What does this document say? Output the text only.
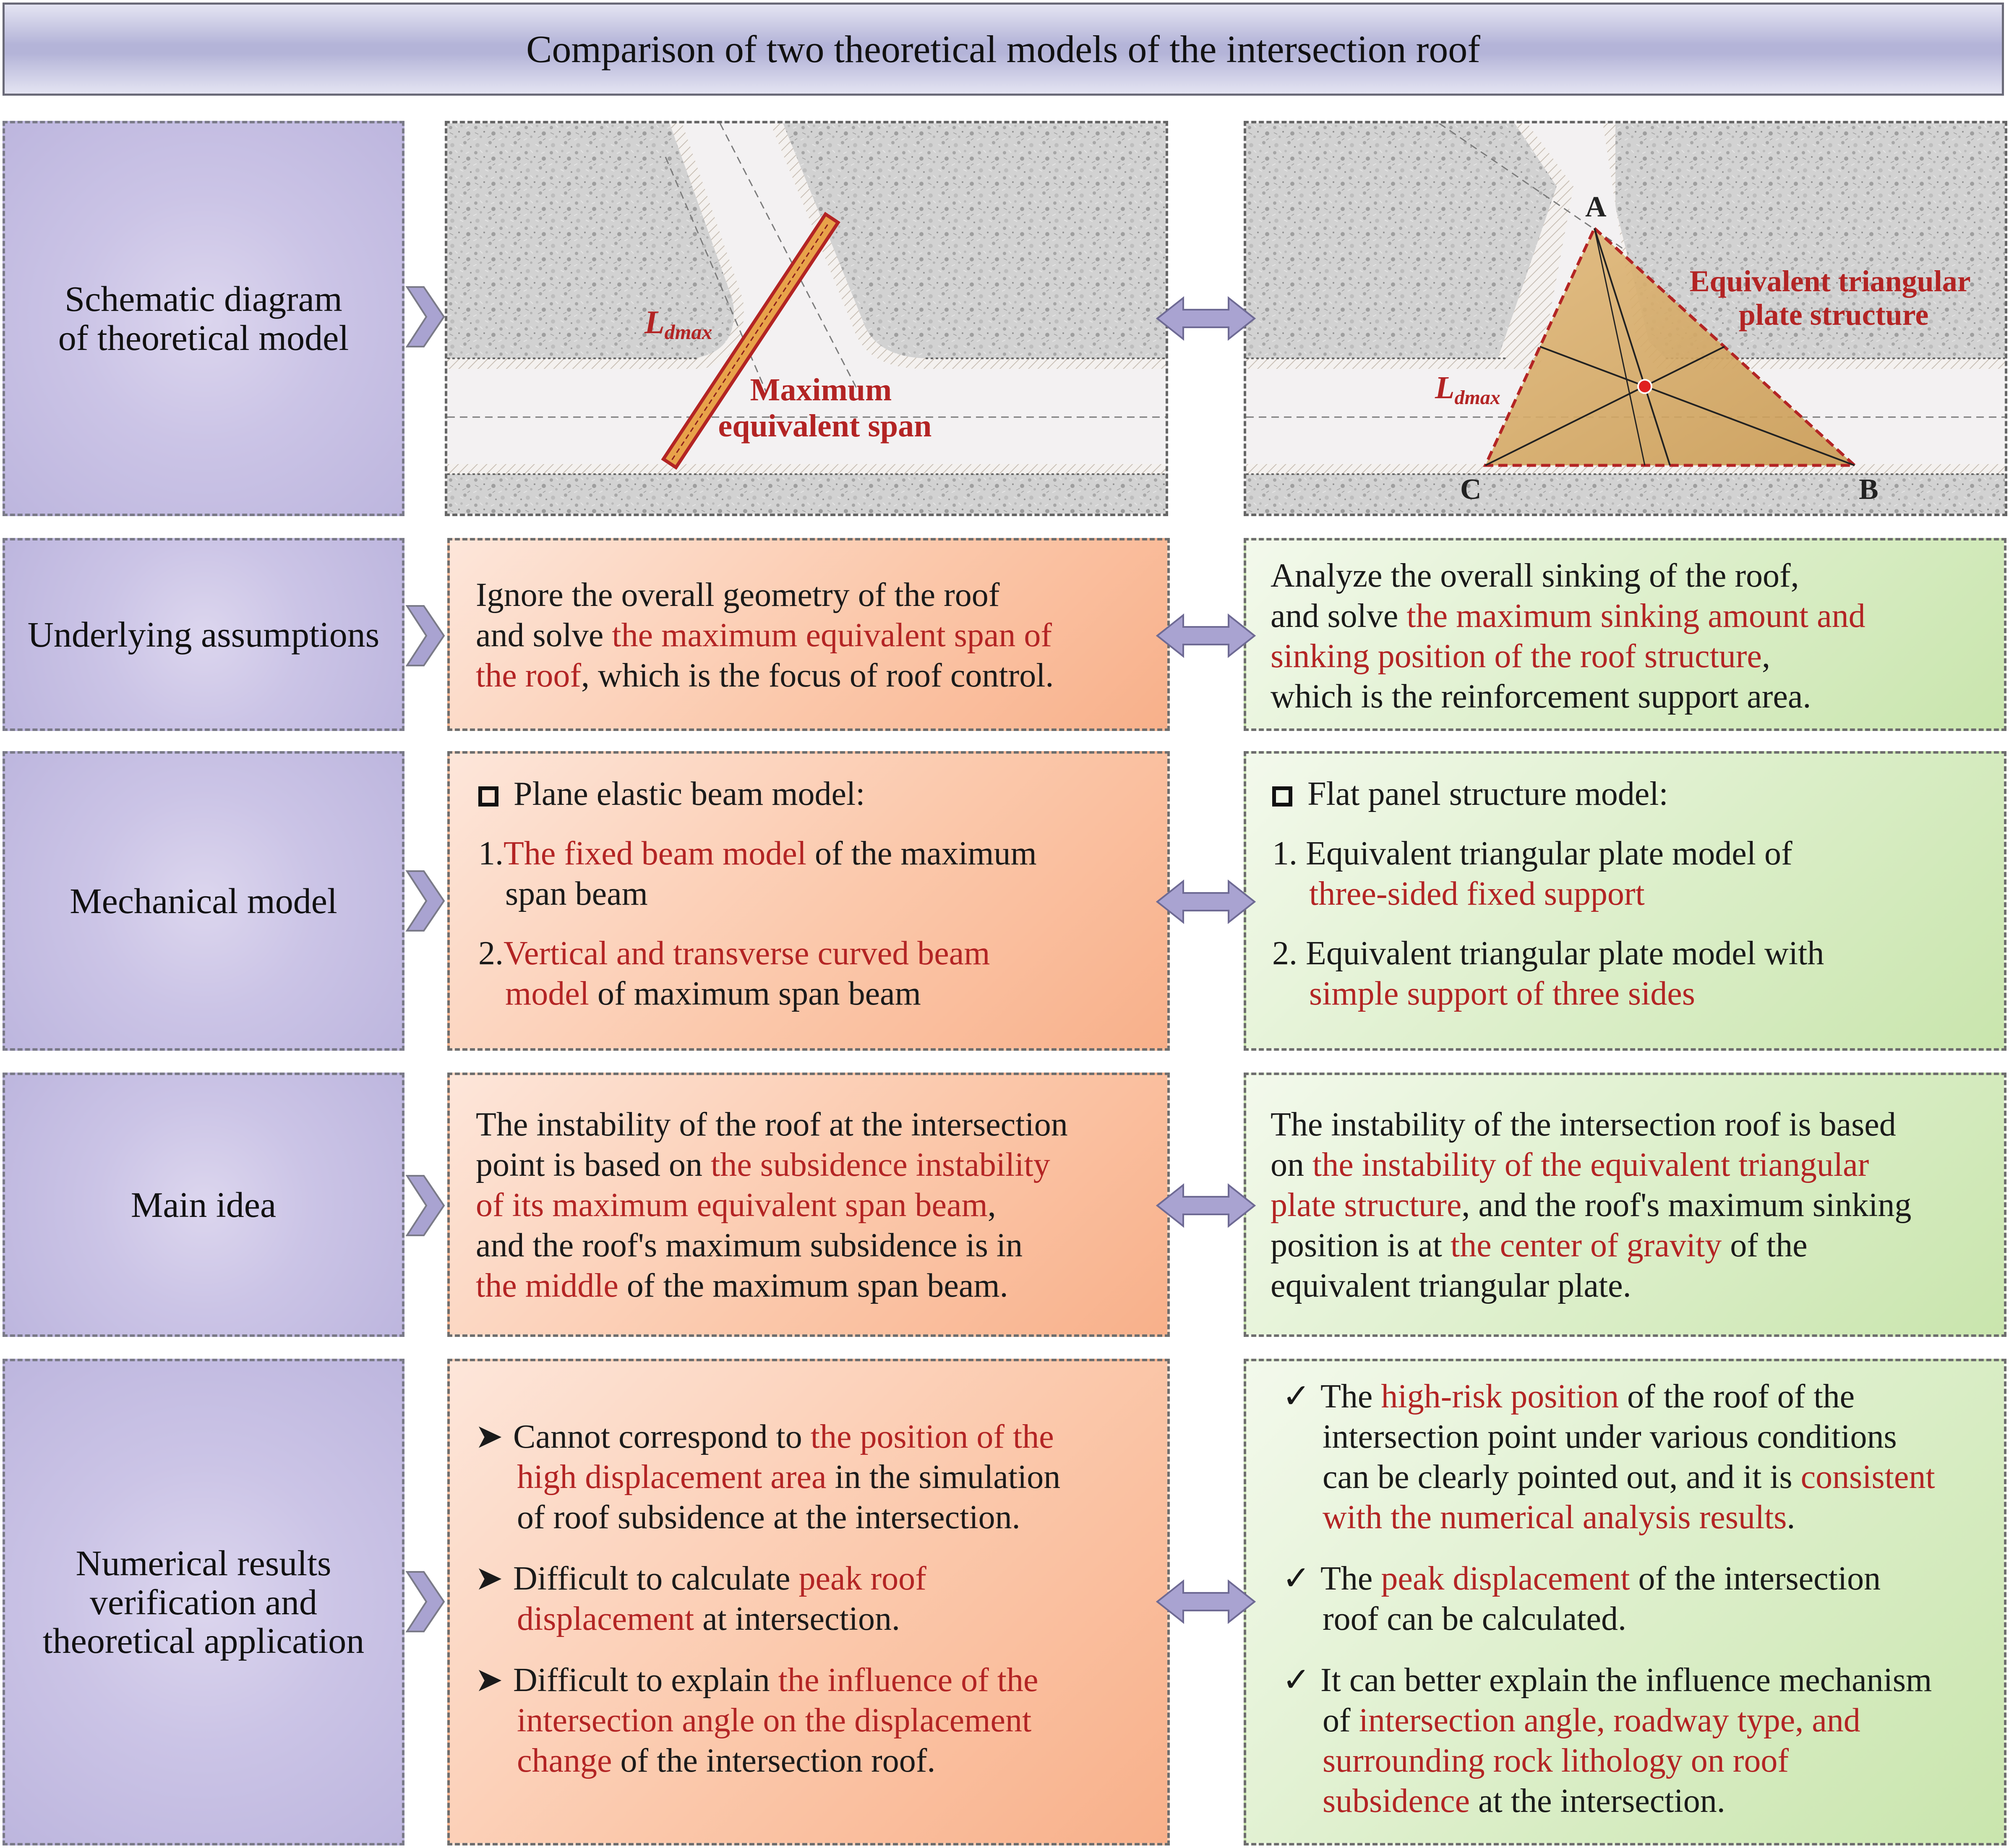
Comparison of two theoretical models of the intersection roof
Schematic diagram
of theoretical model	Ldmax
Maximum equivalent span
A
B
C
Ldmax
Equivalent triangular plate structure
Underlying assumptions

Ignore the overall geometry of the roof

and solve the maximum equivalent span of

the roof, which is the focus of roof control.

Analyze the overall sinking of the roof,

and solve the maximum sinking amount and

sinking position of the roof structure,

which is the reinforcement support area.

Mechanical model

Plane elastic beam model:

1.The fixed beam model of the maximum

span beam

2.Vertical and transverse curved beam

model of maximum span beam

Flat panel structure model:

1. Equivalent triangular plate model of

three-sided fixed support

2. Equivalent triangular plate model with

simple support of three sides

Main idea

The instability of the roof at the intersection

point is based on the subsidence instability

of its maximum equivalent span beam,

and the roof's maximum subsidence is in

the middle of the maximum span beam.

The instability of the intersection roof is based

on the instability of the equivalent triangular

plate structure, and the roof's maximum sinking

position is at the center of gravity of the

equivalent triangular plate.

Numerical results
verification and
theoretical application

➤ Cannot correspond to the position of the

high displacement area in the simulation

of roof subsidence at the intersection.

➤ Difficult to calculate peak roof

displacement at intersection.

➤ Difficult to explain the influence of the

intersection angle on the displacement

change of the intersection roof.

✓ The high-risk position of the roof of the

intersection point under various conditions

can be clearly pointed out, and it is consistent

with the numerical analysis results.

✓ The peak displacement of the intersection

roof can be calculated.

✓ It can better explain the influence mechanism

of intersection angle, roadway type, and

surrounding rock lithology on roof

subsidence at the intersection.
